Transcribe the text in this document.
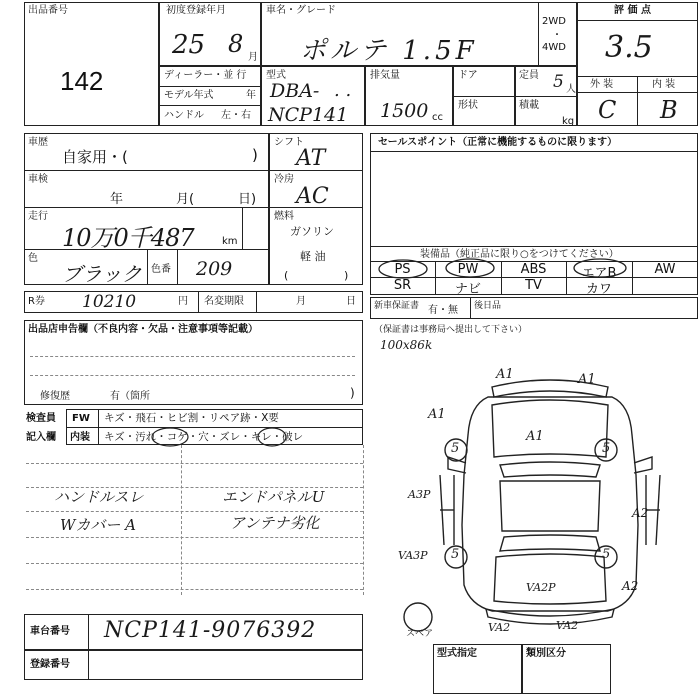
出品番号
142
初度登録年月
25 8 月
車名・グレード
ポルテ 1.5F
2WD
・
4WD
評 価 点
3.5
外 装	内 装
C B
ディーラー・並 行
モデル年式	年
ハンドル 左・右
型式
DBA- . .
NCP141
排気量
1500 cc
ドア
形状
定員 5 人
積載
kg
車歴
自家用・(	)
車検
年	月(	日)
走行
10万0千487	km
色
ブラック 色番 209
シフト
AT
冷房
AC
燃料
ガソリン
軽 油
(	)
R券 10210	円 名変期限	月	日
セールスポイント（正常に機能するものに限ります）
装備品（純正品に限り○をつけてください）
PS	PW	ABS	エアB	AW
SR	ナビ	TV	カワ
新車保証書 有・無 後日品
（保証書は事務局へ提出して下さい）
100x86k
出品店申告欄（不良内容・欠品・注意事項等記載）
修復歴	有（箇所	)
検査員
記入欄
FW キズ・飛石・ヒビ割・リペア跡・X要
内装 キズ・汚れ・コゲ・穴・ズレ・キレ・破レ
ハンドルスレ	エンドパネルU
Wカバー A	アンテナ劣化
車台番号 NCP141-9076392
登録番号
型式指定	類別区分
A1	A1
A1
A1
5	5
5	5
A3P
A2
VA3P
VA2P	A2
VA2	VA2
スペア
